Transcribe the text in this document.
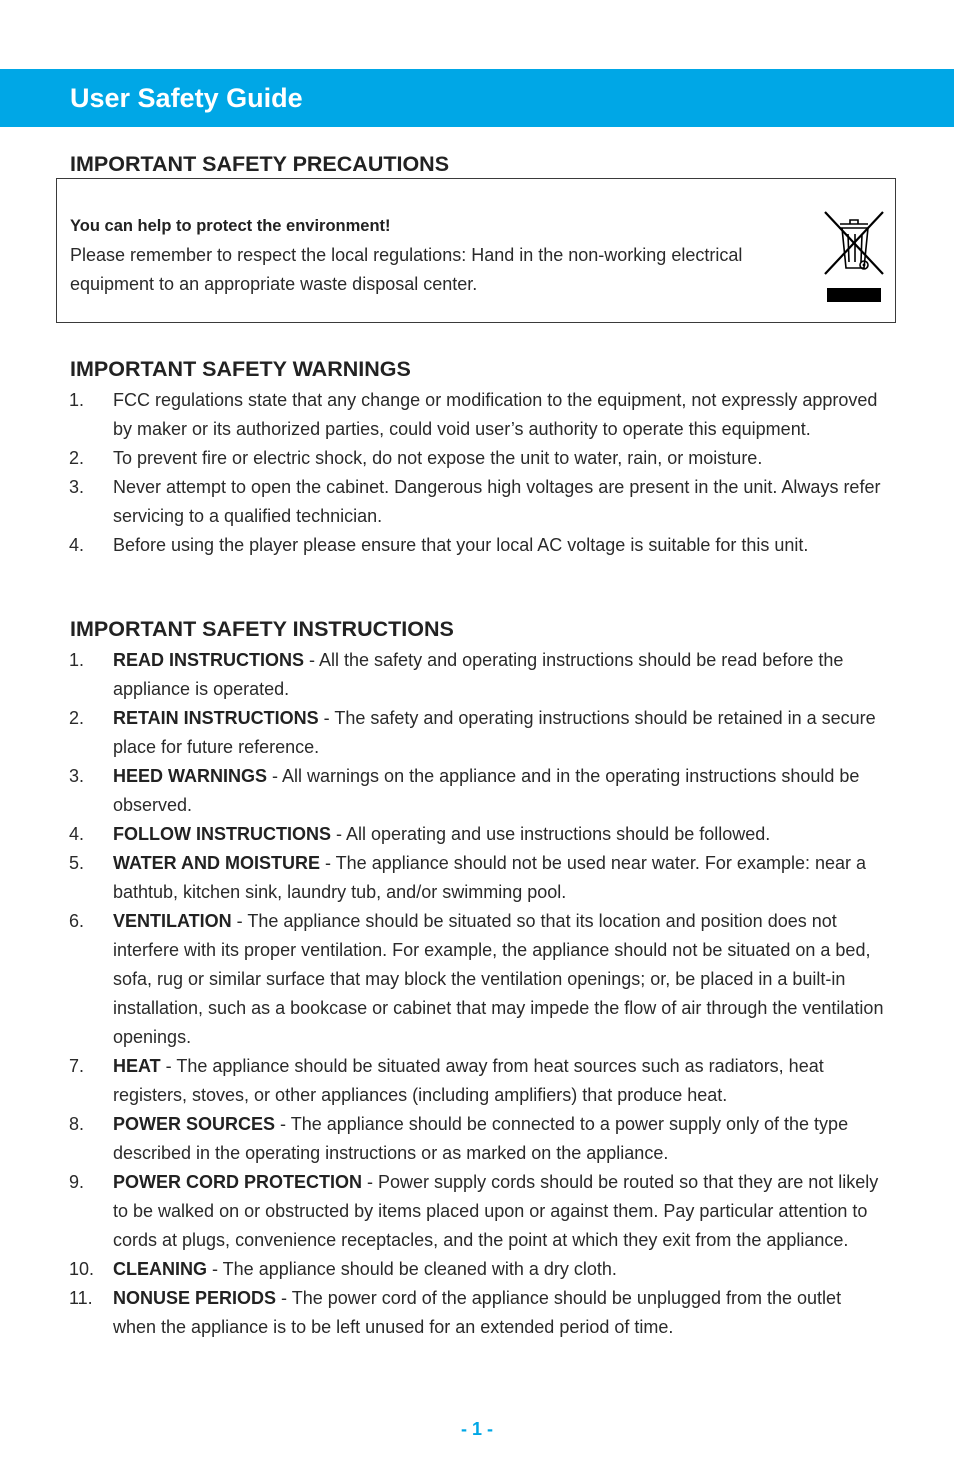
User Safety Guide
IMPORTANT SAFETY PRECAUTIONS
You can help to protect the environment!
Please remember to respect the local regulations: Hand in the non-working electrical equipment to an appropriate waste disposal center.
IMPORTANT SAFETY WARNINGS
1. FCC regulations state that any change or modification to the equipment, not expressly approved by maker or its authorized parties, could void user’s authority to operate this equipment.
2. To prevent fire or electric shock, do not expose the unit to water, rain, or moisture.
3. Never attempt to open the cabinet. Dangerous high voltages are present in the unit. Always refer servicing to a qualified technician.
4. Before using the player please ensure that your local AC voltage is suitable for this unit.
IMPORTANT SAFETY INSTRUCTIONS
1. READ INSTRUCTIONS - All the safety and operating instructions should be read before the appliance is operated.
2. RETAIN INSTRUCTIONS - The safety and operating instructions should be retained in a secure place for future reference.
3. HEED WARNINGS - All warnings on the appliance and in the operating instructions should be observed.
4. FOLLOW INSTRUCTIONS - All operating and use instructions should be followed.
5. WATER AND MOISTURE - The appliance should not be used near water. For example: near a bathtub, kitchen sink, laundry tub, and/or swimming pool.
6. VENTILATION - The appliance should be situated so that its location and position does not interfere with its proper ventilation. For example, the appliance should not be situated on a bed, sofa, rug or similar surface that may block the ventilation openings; or, be placed in a built-in installation, such as a bookcase or cabinet that may impede the flow of air through the ventilation openings.
7. HEAT - The appliance should be situated away from heat sources such as radiators, heat registers, stoves, or other appliances (including amplifiers) that produce heat.
8. POWER SOURCES - The appliance should be connected to a power supply only of the type described in the operating instructions or as marked on the appliance.
9. POWER CORD PROTECTION - Power supply cords should be routed so that they are not likely to be walked on or obstructed by items placed upon or against them. Pay particular attention to cords at plugs, convenience receptacles, and the point at which they exit from the appliance.
10. CLEANING - The appliance should be cleaned with a dry cloth.
11. NONUSE PERIODS - The power cord of the appliance should be unplugged from the outlet when the appliance is to be left unused for an extended period of time.
- 1 -
